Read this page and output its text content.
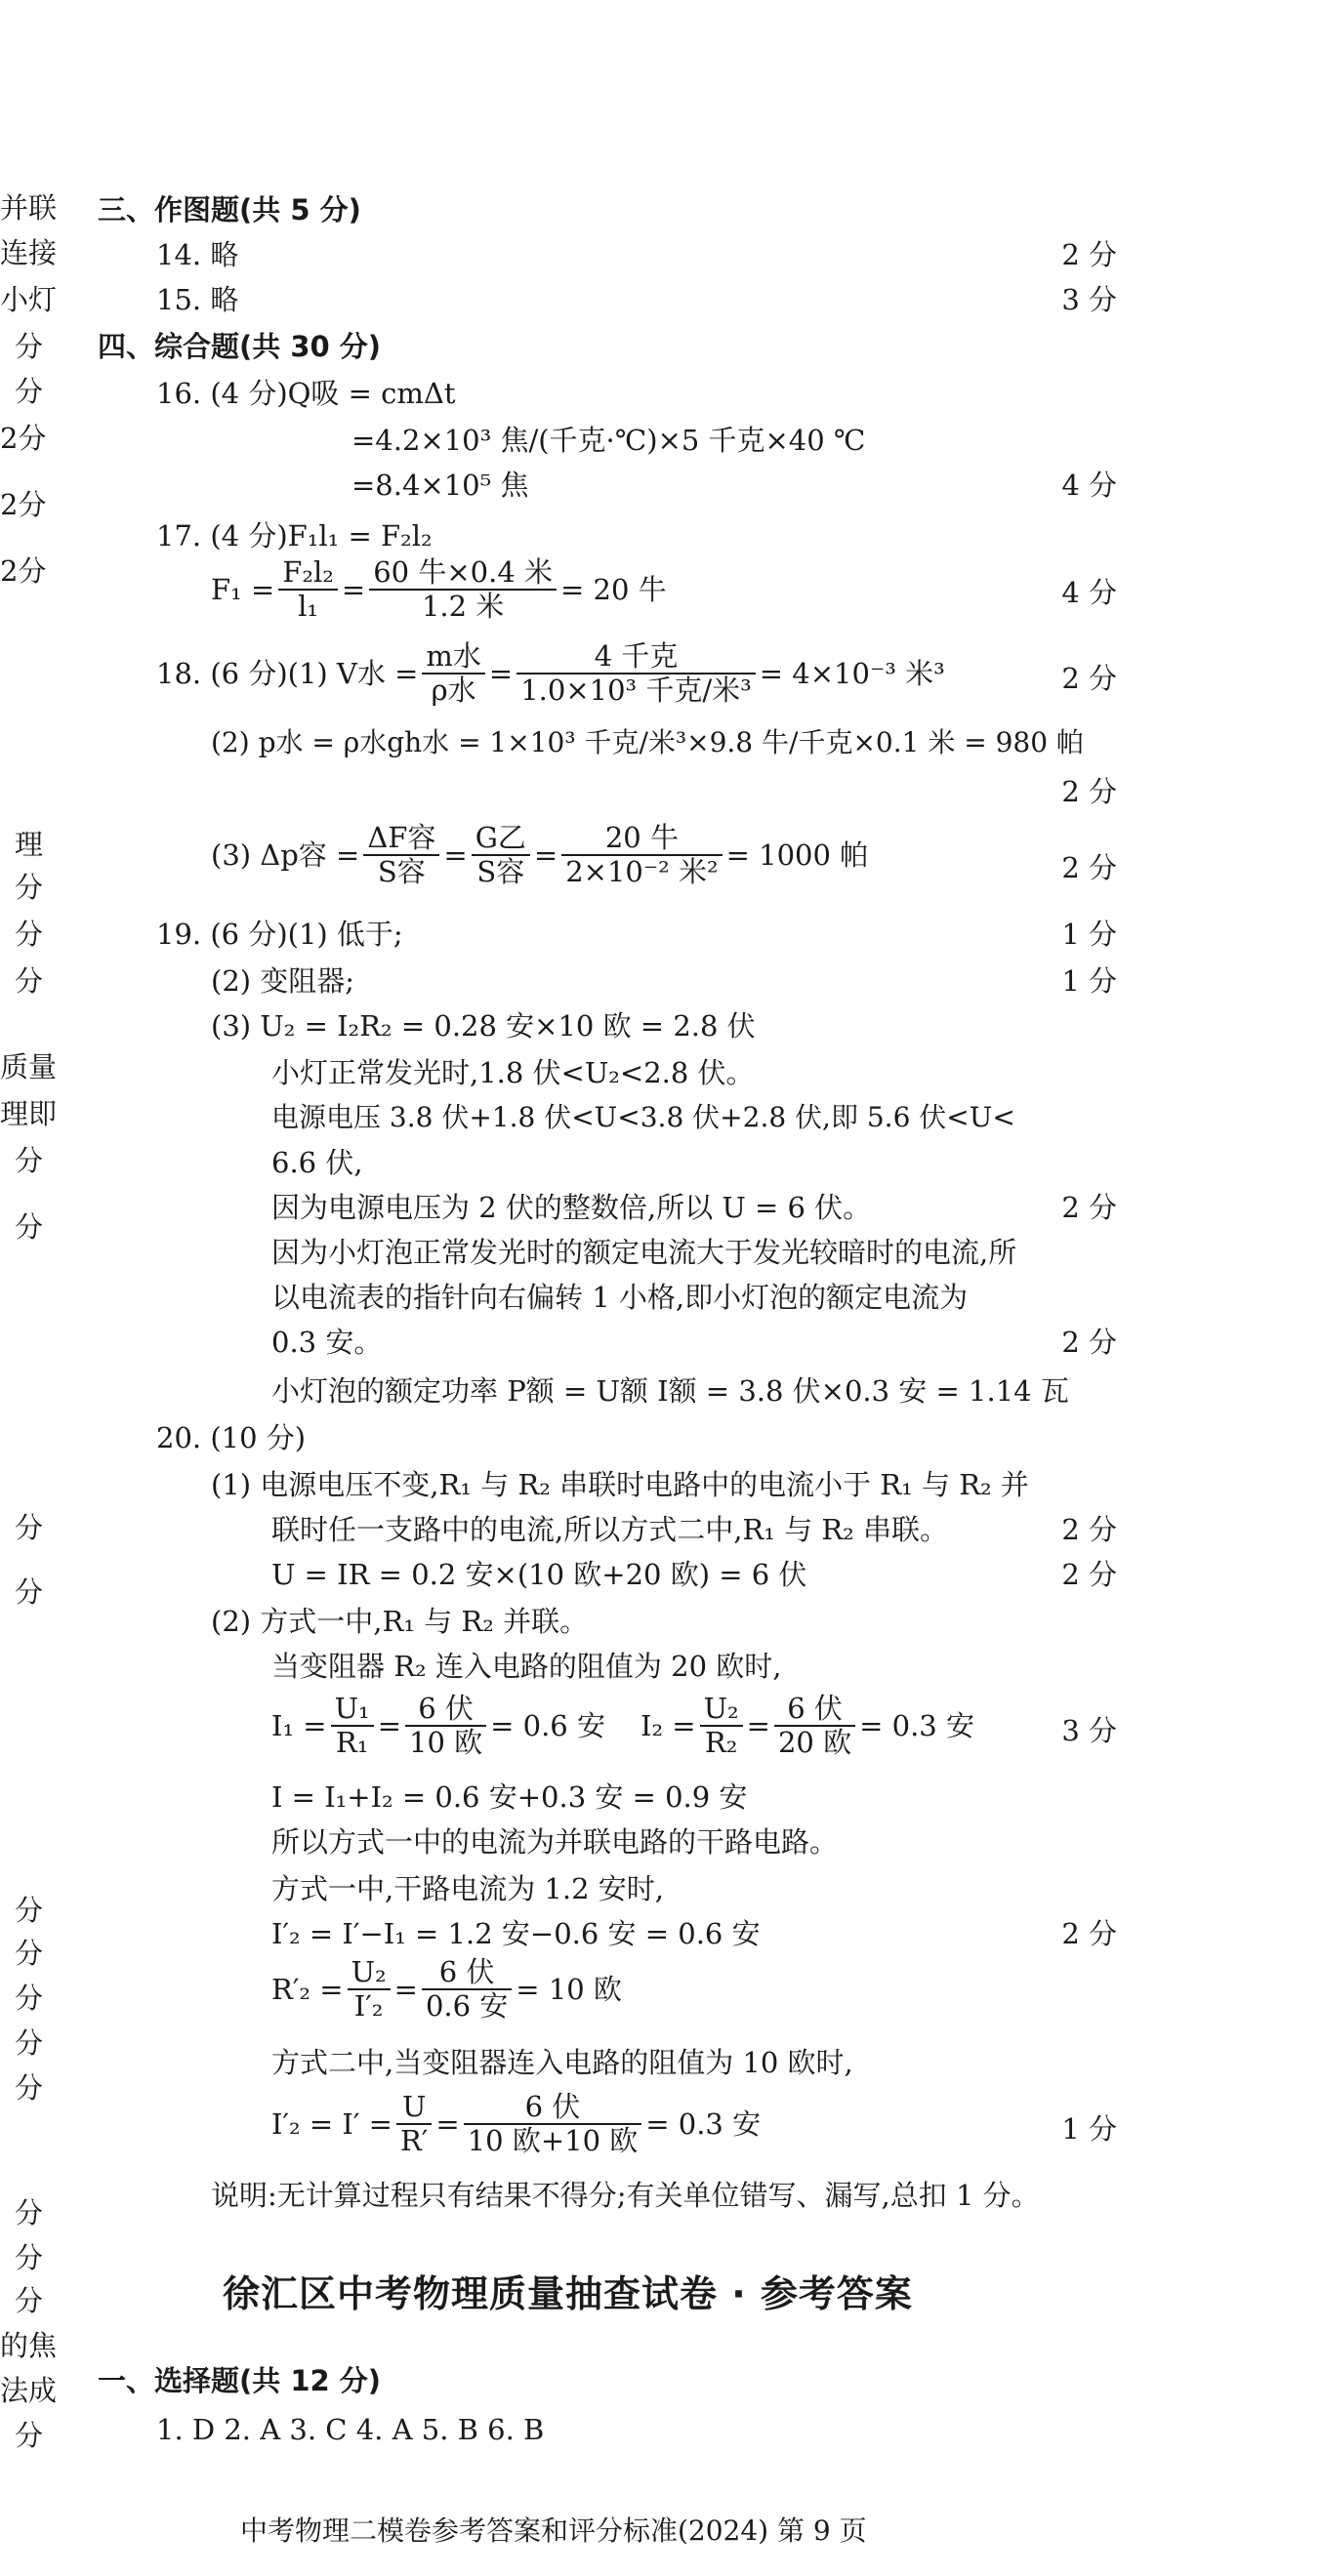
并联
连接
小灯
分
分
2分
2分
2分
理
分
分
分
质量
理即
分
分
分
分
分
分
分
分
分
分
分
分
的焦
法成
分
三、作图题(共 5 分)
14. 略	2 分
15. 略	3 分
四、综合题(共 30 分)
16. (4 分)Q吸 = cmΔt
=4.2×10³ 焦/(千克·℃)×5 千克×40 ℃
=8.4×10⁵ 焦	4 分
17. (4 分)F₁l₁ = F₂l₂
$F_1 = \frac{\text{F₂l₂}}{\text{l₁}} = \frac{\text{60 牛×0.4 米}}{\text{1.2 米}} = 20$ 牛	4 分
18. (6 分)(1) V水 = $\frac{\text{m水}}{\text{ρ水}} = \frac{\text{4 千克}}{\text{1.0×10³ 千克/米³}} = 4\times 10^{-3}$ 米³	2 分
(2) p水 = ρ水gh水 = 1×10³ 千克/米³×9.8 牛/千克×0.1 米 = 980 帕
2 分
(3) Δp容 = $\frac{\text{ΔF容}}{\text{S容}} = \frac{\text{G乙}}{\text{S容}} = \frac{\text{20 牛}}{\text{2×10⁻² 米²}} = 1000$ 帕	2 分
19. (6 分)(1) 低于;	1 分
(2) 变阻器;	1 分
(3) U₂ = I₂R₂ = 0.28 安×10 欧 = 2.8 伏
小灯正常发光时,1.8 伏<U₂<2.8 伏。
电源电压 3.8 伏+1.8 伏<U<3.8 伏+2.8 伏,即 5.6 伏<U<
6.6 伏,
因为电源电压为 2 伏的整数倍,所以 U = 6 伏。	2 分
因为小灯泡正常发光时的额定电流大于发光较暗时的电流,所
以电流表的指针向右偏转 1 小格,即小灯泡的额定电流为
0.3 安。	2 分
小灯泡的额定功率 P额 = U额 I额 = 3.8 伏×0.3 安 = 1.14 瓦
20. (10 分)
(1) 电源电压不变,R₁ 与 R₂ 串联时电路中的电流小于 R₁ 与 R₂ 并
联时任一支路中的电流,所以方式二中,R₁ 与 R₂ 串联。	2 分
U = IR = 0.2 安×(10 欧+20 欧) = 6 伏	2 分
(2) 方式一中,R₁ 与 R₂ 并联。
当变阻器 R₂ 连入电路的阻值为 20 欧时,
$I_1 = \frac{\text{U₁}}{\text{R₁}} = \frac{\text{6 伏}}{\text{10 欧}} = 0.6$ 安 $I_2 = \frac{\text{U₂}}{\text{R₂}} = \frac{\text{6 伏}}{\text{20 欧}} = 0.3$ 安	3 分
I = I₁+I₂ = 0.6 安+0.3 安 = 0.9 安
所以方式一中的电流为并联电路的干路电路。
方式一中,干路电流为 1.2 安时,
I′₂ = I′−I₁ = 1.2 安−0.6 安 = 0.6 安	2 分
$R'_2 = \frac{\text{U₂}}{\text{I′₂}} = \frac{\text{6 伏}}{\text{0.6 安}} = 10$ 欧
方式二中,当变阻器连入电路的阻值为 10 欧时,
$I'_2 = I' = \frac{U}{R'} = \frac{\text{6 伏}}{\text{10 欧+10 欧}} = 0.3$ 安	1 分
说明:无计算过程只有结果不得分;有关单位错写、漏写,总扣 1 分。
徐汇区中考物理质量抽查试卷 · 参考答案
一、选择题(共 12 分)
1. D 2. A 3. C 4. A 5. B 6. B
中考物理二模卷参考答案和评分标准(2024) 第 9 页
